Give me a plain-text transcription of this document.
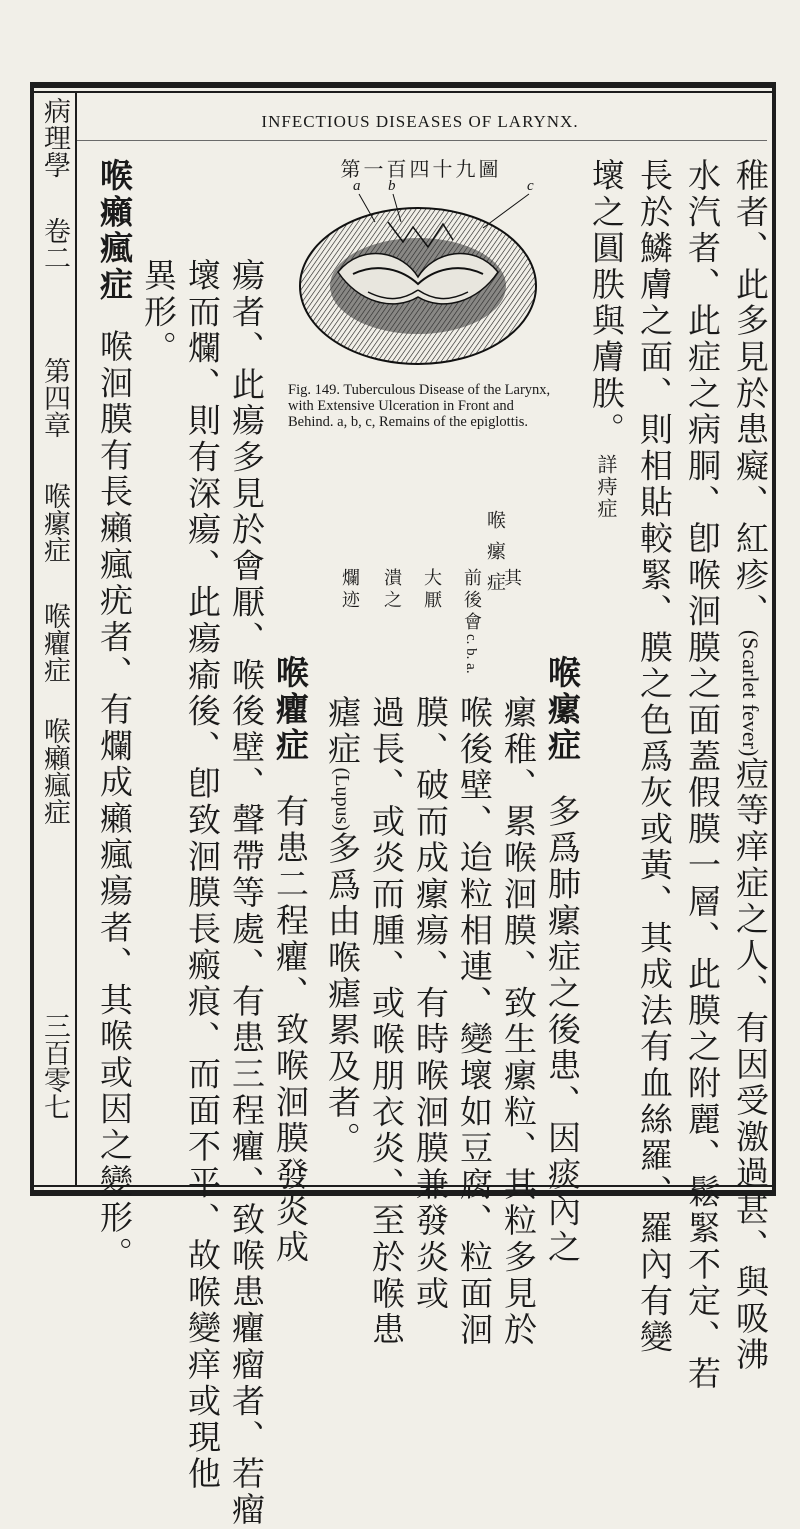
INFECTIOUS DISEASES OF LARYNX.
病理學
卷二
第四章
喉瘰症
喉癯症
喉癩瘋症
三百零七
稚者、此多見於患癡、紅疹、(Scarlet fever)痘等痒症之人、有因受激過甚、與吸沸
水汽者、此症之病胴、卽喉洄膜之面蓋假膜一層、此膜之附麗、鬆緊不定、若
長於鱗膚之面、則相貼較緊、膜之色爲灰或黃、其成法有血絲羅、羅內有變
壞之圓胅與膚胅。詳痔症
第一百四十九圖
a b	c
Fig. 149. Tuberculous Disease of the Larynx, with Extensive Ulceration in Front and Behind. a, b, c, Remains of the epiglottis.
喉瘰症
其
前後會c. b. a.
大厭
潰之
爛迹
喉瘰症多爲肺瘰症之後患、因痰內之
瘰稚、累喉洄膜、致生瘰粒、其粒多見於
喉後壁、迨粒相連、變壞如豆腐、粒面洄
膜、破而成瘰瘍、有時喉洄膜兼發炎或
過長、或炎而腫、或喉朋衣炎、至於喉患
瘧症(Lupus)多爲由喉瘧累及者。
喉癯症有患二程癯、致喉洄膜發炎成
瘍者、此瘍多見於會厭、喉後壁、聲帶等處、有患三程癯、致喉患癯瘤者、若瘤
壞而爛、則有深瘍、此瘍瘉後、卽致洄膜長瘢痕、而面不平、故喉變痒或現他
異形。
喉癩瘋症喉洄膜有長癩瘋疣者、有爛成癩瘋瘍者、其喉或因之變形。
